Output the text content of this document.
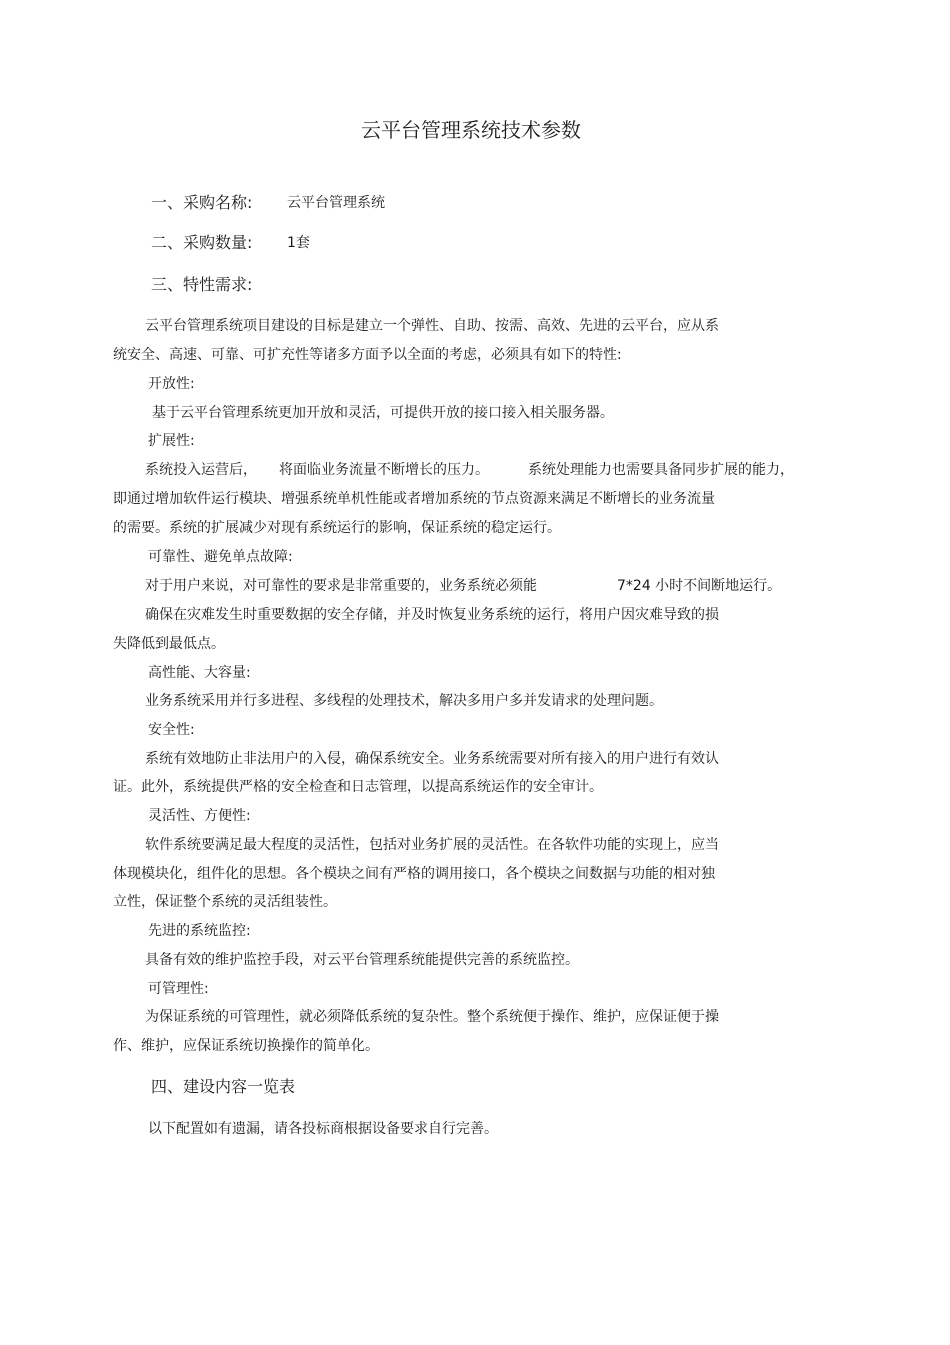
云平台管理系统技术参数
一、采购名称: 云平台管理系统
二、采购数量: 1套
三、特性需求:
云平台管理系统项目建设的目标是建立一个弹性、自助、按需、高效、先进的云平台，应从系
统安全、高速、可靠、可扩充性等诸多方面予以全面的考虑，必须具有如下的特性:
开放性:
基于云平台管理系统更加开放和灵活，可提供开放的接口接入相关服务器。
扩展性:
系统投入运营后， 将面临业务流量不断增长的压力。	系统处理能力也需要具备同步扩展的能力，
即通过增加软件运行模块、增强系统单机性能或者增加系统的节点资源来满足不断增长的业务流量
的需要。系统的扩展减少对现有系统运行的影响，保证系统的稳定运行。
可靠性、避免单点故障:
对于用户来说，对可靠性的要求是非常重要的，业务系统必须能	7*24 小时不间断地运行。
确保在灾难发生时重要数据的安全存储，并及时恢复业务系统的运行，将用户因灾难导致的损
失降低到最低点。
高性能、大容量:
业务系统采用并行多进程、多线程的处理技术，解决多用户多并发请求的处理问题。
安全性:
系统有效地防止非法用户的入侵，确保系统安全。业务系统需要对所有接入的用户进行有效认
证。此外，系统提供严格的安全检查和日志管理，以提高系统运作的安全审计。
灵活性、方便性:
软件系统要满足最大程度的灵活性，包括对业务扩展的灵活性。在各软件功能的实现上，应当
体现模块化，组件化的思想。各个模块之间有严格的调用接口，各个模块之间数据与功能的相对独
立性，保证整个系统的灵活组装性。
先进的系统监控:
具备有效的维护监控手段，对云平台管理系统能提供完善的系统监控。
可管理性:
为保证系统的可管理性，就必须降低系统的复杂性。整个系统便于操作、维护，应保证便于操
作、维护，应保证系统切换操作的简单化。
四、建设内容一览表
以下配置如有遗漏，请各投标商根据设备要求自行完善。
